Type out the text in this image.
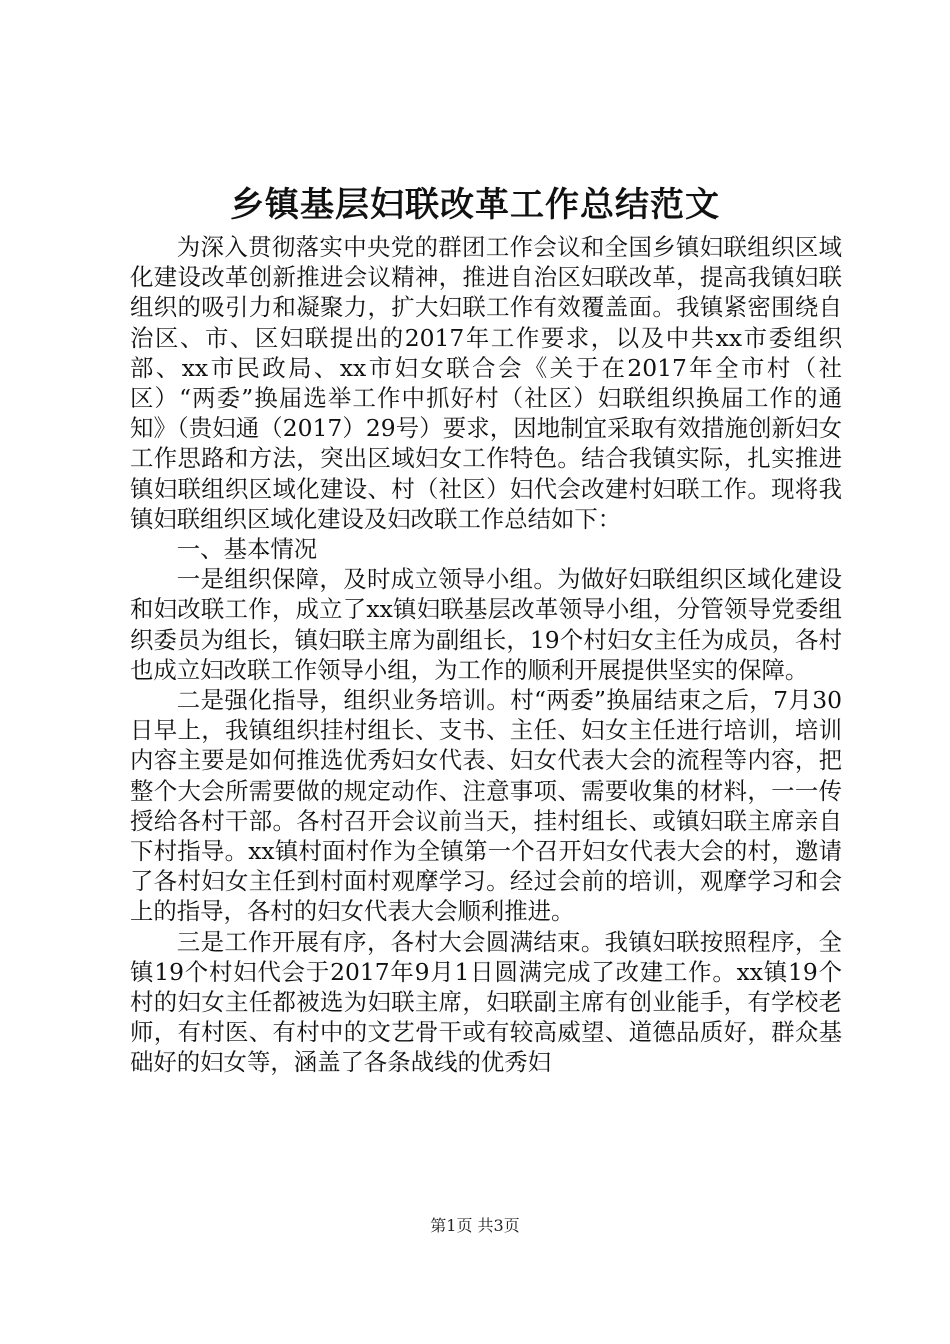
乡镇基层妇联改革工作总结范文

为深入贯彻落实中央党的群团工作会议和全国乡镇妇联组织区域化建设改革创新推进会议精神，推进自治区妇联改革，提高我镇妇联组织的吸引力和凝聚力，扩大妇联工作有效覆盖面。我镇紧密围绕自治区、市、区妇联提出的2017年工作要求，以及中共xx市委组织部、xx市民政局、xx市妇女联合会《关于在2017年全市村（社区）“两委”换届选举工作中抓好村（社区）妇联组织换届工作的通知》（贵妇通（2017）29号）要求，因地制宜采取有效措施创新妇女工作思路和方法，突出区域妇女工作特色。结合我镇实际，扎实推进镇妇联组织区域化建设、村（社区）妇代会改建村妇联工作。现将我镇妇联组织区域化建设及妇改联工作总结如下：

一、基本情况

一是组织保障，及时成立领导小组。为做好妇联组织区域化建设和妇改联工作，成立了xx镇妇联基层改革领导小组，分管领导党委组织委员为组长，镇妇联主席为副组长，19个村妇女主任为成员，各村也成立妇改联工作领导小组，为工作的顺利开展提供坚实的保障。

二是强化指导，组织业务培训。村“两委”换届结束之后，7月30日早上，我镇组织挂村组长、支书、主任、妇女主任进行培训，培训内容主要是如何推选优秀妇女代表、妇女代表大会的流程等内容，把整个大会所需要做的规定动作、注意事项、需要收集的材料，一一传授给各村干部。各村召开会议前当天，挂村组长、或镇妇联主席亲自下村指导。xx镇村面村作为全镇第一个召开妇女代表大会的村，邀请了各村妇女主任到村面村观摩学习。经过会前的培训，观摩学习和会上的指导，各村的妇女代表大会顺利推进。

三是工作开展有序，各村大会圆满结束。我镇妇联按照程序，全镇19个村妇代会于2017年9月1日圆满完成了改建工作。xx镇19个村的妇女主任都被选为妇联主席，妇联副主席有创业能手，有学校老师，有村医、有村中的文艺骨干或有较高威望、道德品质好，群众基础好的妇女等，涵盖了各条战线的优秀妇

第1页 共3页
